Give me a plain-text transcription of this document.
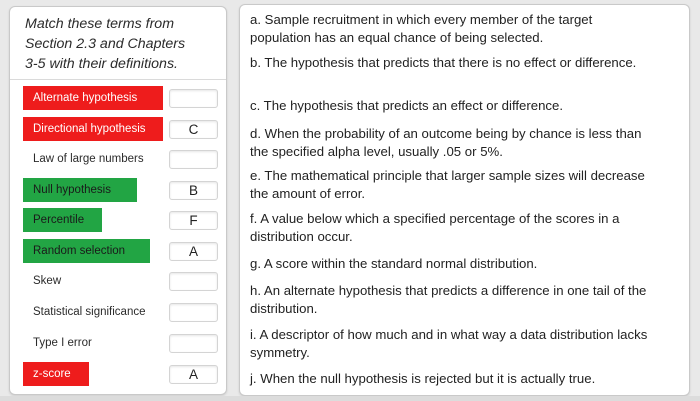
Match these terms from
Section 2.3 and Chapters
3-5 with their definitions.
Alternate hypothesis
Directional hypothesis
C
Law of large numbers
Null hypothesis
B
Percentile
F
Random selection
A
Skew
Statistical significance
Type I error
z-score
A
a. Sample recruitment in which every member of the target
population has an equal chance of being selected.
b. The hypothesis that predicts that there is no effect or difference.
c. The hypothesis that predicts an effect or difference.
d. When the probability of an outcome being by chance is less than
the specified alpha level, usually .05 or 5%.
e. The mathematical principle that larger sample sizes will decrease
the amount of error.
f. A value below which a specified percentage of the scores in a
distribution occur.
g. A score within the standard normal distribution.
h. An alternate hypothesis that predicts a difference in one tail of the
distribution.
i. A descriptor of how much and in what way a data distribution lacks
symmetry.
j. When the null hypothesis is rejected but it is actually true.
